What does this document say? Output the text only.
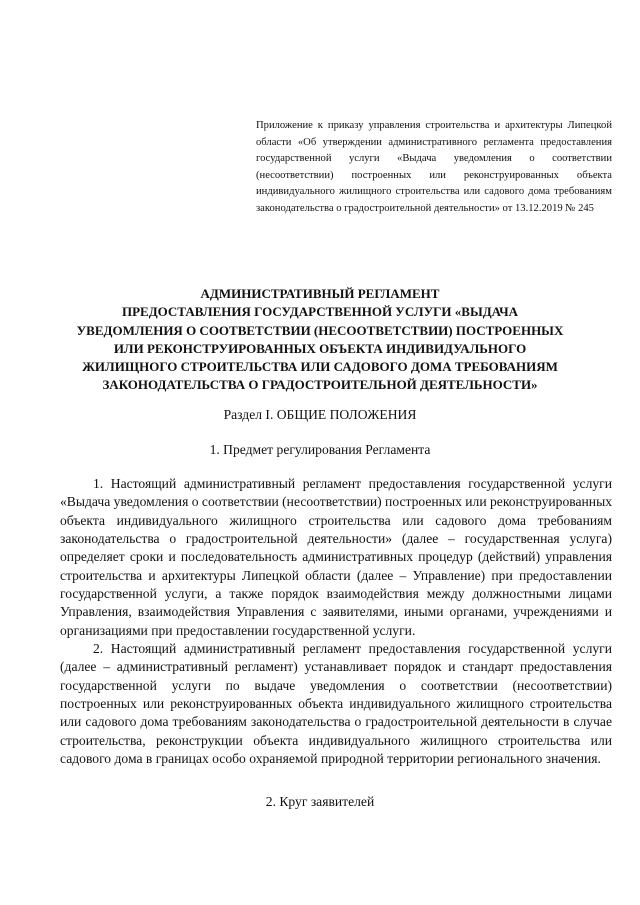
Приложение к приказу управления строительства и архитектуры Липецкой области «Об утверждении административного регламента предоставления государственной услуги «Выдача уведомления о соответствии (несоответствии) построенных или реконструированных объекта индивидуального жилищного строительства или садового дома требованиям законодательства о градостроительной деятельности» от 13.12.2019 № 245
АДМИНИСТРАТИВНЫЙ РЕГЛАМЕНТ
ПРЕДОСТАВЛЕНИЯ ГОСУДАРСТВЕННОЙ УСЛУГИ «ВЫДАЧА
УВЕДОМЛЕНИЯ О СООТВЕТСТВИИ (НЕСООТВЕТСТВИИ) ПОСТРОЕННЫХ
ИЛИ РЕКОНСТРУИРОВАННЫХ ОБЪЕКТА ИНДИВИДУАЛЬНОГО
ЖИЛИЩНОГО СТРОИТЕЛЬСТВА ИЛИ САДОВОГО ДОМА ТРЕБОВАНИЯМ
ЗАКОНОДАТЕЛЬСТВА О ГРАДОСТРОИТЕЛЬНОЙ ДЕЯТЕЛЬНОСТИ»
Раздел I. ОБЩИЕ ПОЛОЖЕНИЯ
1. Предмет регулирования Регламента

1. Настоящий административный регламент предоставления государственной услуги «Выдача уведомления о соответствии (несоответствии) построенных или реконструированных объекта индивидуального жилищного строительства или садового дома требованиям законодательства о градостроительной деятельности» (далее – государственная услуга) определяет сроки и последовательность административных процедур (действий) управления строительства и архитектуры Липецкой области (далее – Управление) при предоставлении государственной услуги, а также порядок взаимодействия между должностными лицами Управления, взаимодействия Управления с заявителями, иными органами, учреждениями и организациями при предоставлении государственной услуги.

2. Настоящий административный регламент предоставления государственной услуги (далее – административный регламент) устанавливает порядок и стандарт предоставления государственной услуги по выдаче уведомления о соответствии (несоответствии) построенных или реконструированных объекта индивидуального жилищного строительства или садового дома требованиям законодательства о градостроительной деятельности в случае строительства, реконструкции объекта индивидуального жилищного строительства или садового дома в границах особо охраняемой природной территории регионального значения.

2. Круг заявителей
